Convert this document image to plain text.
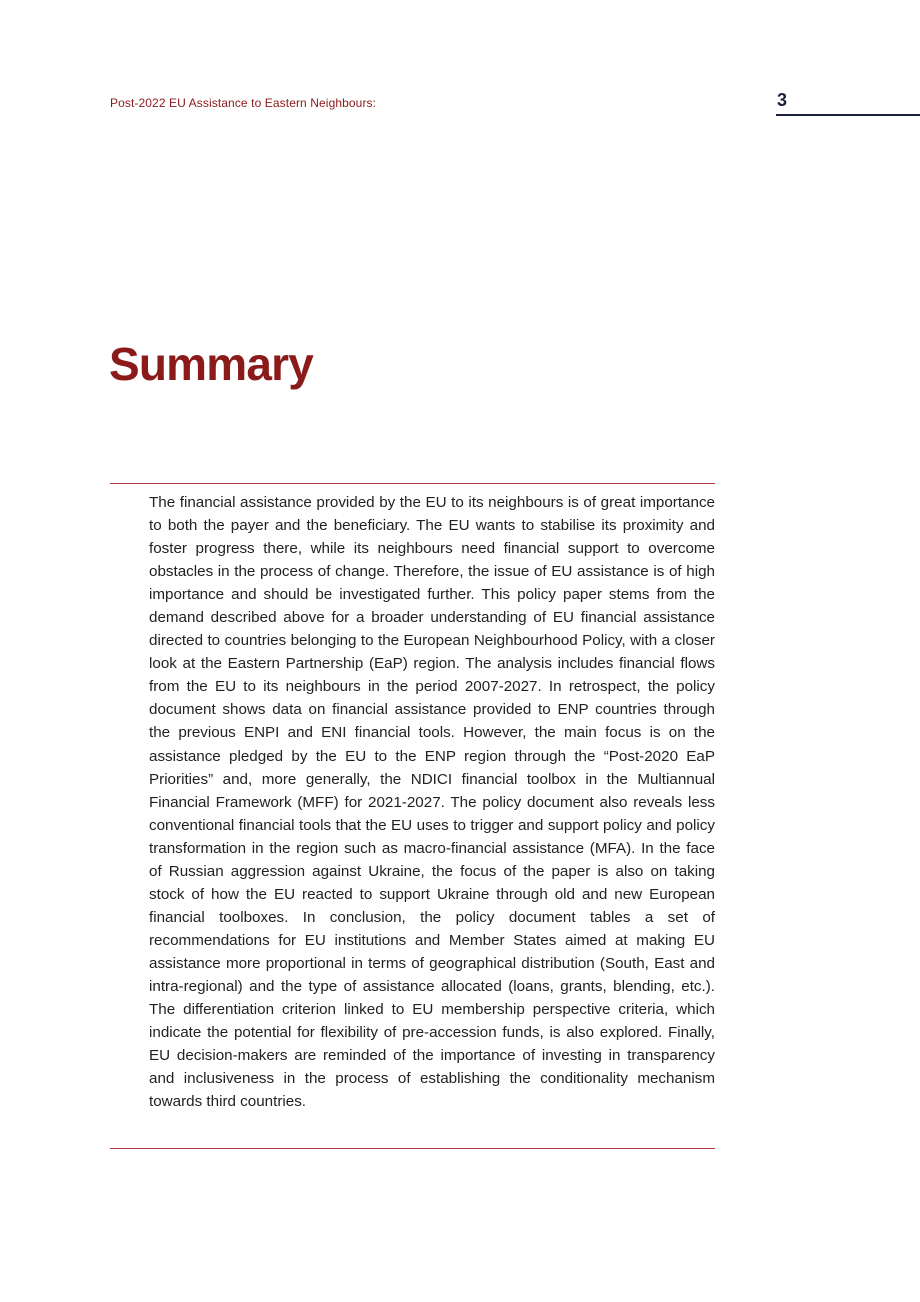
Post-2022 EU Assistance to Eastern Neighbours:	3
Summary

The financial assistance provided by the EU to its neighbours is of great importance to both the payer and the beneficiary. The EU wants to stabilise its proximity and foster progress there, while its neighbours need financial support to overcome obstacles in the process of change. Therefore, the issue of EU assistance is of high importance and should be investigated further. This policy paper stems from the demand described above for a broader understanding of EU financial assistance directed to countries belonging to the European Neighbourhood Policy, with a closer look at the Eastern Partnership (EaP) region. The analysis includes financial flows from the EU to its neighbours in the period 2007-2027. In retrospect, the policy document shows data on financial assistance provided to ENP countries through the previous ENPI and ENI financial tools. However, the main focus is on the assistance pledged by the EU to the ENP region through the “Post-2020 EaP Priorities” and, more generally, the NDICI financial toolbox in the Multiannual Financial Framework (MFF) for 2021-2027. The policy document also reveals less conventional financial tools that the EU uses to trigger and support policy and policy transformation in the region such as macro-financial assistance (MFA). In the face of Russian aggression against Ukraine, the focus of the paper is also on taking stock of how the EU reacted to support Ukraine through old and new European financial toolboxes. In conclusion, the policy document tables a set of recommendations for EU institutions and Member States aimed at making EU assistance more proportional in terms of geographical distribution (South, East and intra-regional) and the type of assistance allocated (loans, grants, blending, etc.). The differentiation criterion linked to EU membership perspective criteria, which indicate the potential for flexibility of pre-accession funds, is also explored. Finally, EU decision-makers are reminded of the importance of investing in transparency and inclusiveness in the process of establishing the conditionality mechanism towards third countries.
